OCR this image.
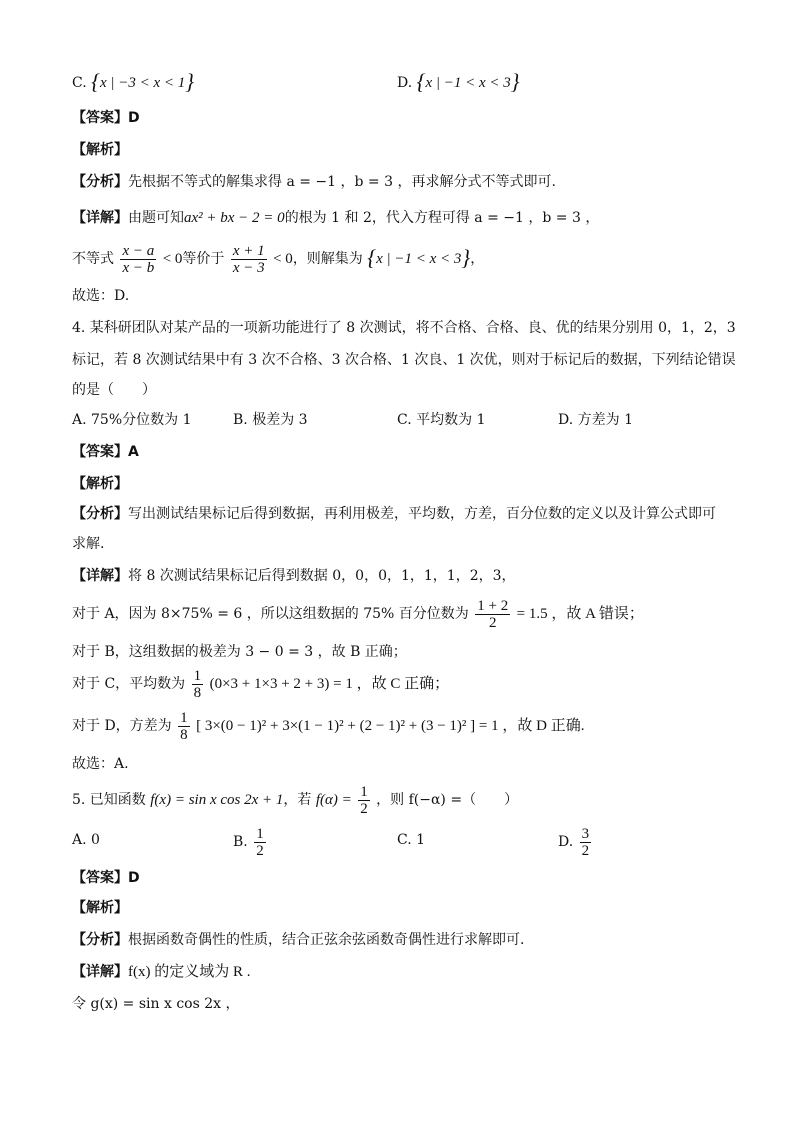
C. {x | −3 < x < 1}	D. {x | −1 < x < 3}
【答案】D
【解析】
【分析】先根据不等式的解集求得 a = −1 ，b = 3 ，再求解分式不等式即可.
【详解】由题可知ax² + bx − 2 = 0的根为 1 和 2，代入方程可得 a = −1 ，b = 3 ，
不等式 $\frac{x - a}{x - b} < 0$等价于 $\frac{x + 1}{x - 3} < 0$，则解集为 {x | −1 < x < 3}，
故选：D.
4. 某科研团队对某产品的一项新功能进行了 8 次测试，将不合格、合格、良、优的结果分别用 0，1，2，3
标记，若 8 次测试结果中有 3 次不合格、3 次合格、1 次良、1 次优，则对于标记后的数据，下列结论错误
的是（　　）
A. 75%分位数为 1	B. 极差为 3	C. 平均数为 1	D. 方差为 1
【答案】A
【解析】
【分析】写出测试结果标记后得到数据，再利用极差，平均数，方差，百分位数的定义以及计算公式即可
求解.
【详解】将 8 次测试结果标记后得到数据 0，0，0，1，1，1，2，3，
对于 A，因为 8×75% = 6 ，所以这组数据的 75% 百分位数为 $\frac{1 + 2}{2} = 1.5$ ，故 A 错误；
对于 B，这组数据的极差为 3 − 0 = 3 ，故 B 正确；
对于 C，平均数为 $\frac{1}{8} (0\times 3 + 1\times 3 + 2 + 3) = 1$ ，故 C 正确；
对于 D，方差为 $\frac{1}{8}$ [ 3×(0 − 1)² + 3×(1 − 1)² + (2 − 1)² + (3 − 1)² ] = 1 ，故 D 正确.
故选：A.
5. 已知函数 f(x) = sin x cos 2x + 1，若 $f(\alpha) = \frac{1}{2}$ ，则 f(−α) =（　　）
A. 0	B. $\frac{1}{2}$	C. 1	D. $\frac{3}{2}$
【答案】D
【解析】
【分析】根据函数奇偶性的性质，结合正弦余弦函数奇偶性进行求解即可.
【详解】f(x) 的定义域为 R .
令 g(x) = sin x cos 2x ，
